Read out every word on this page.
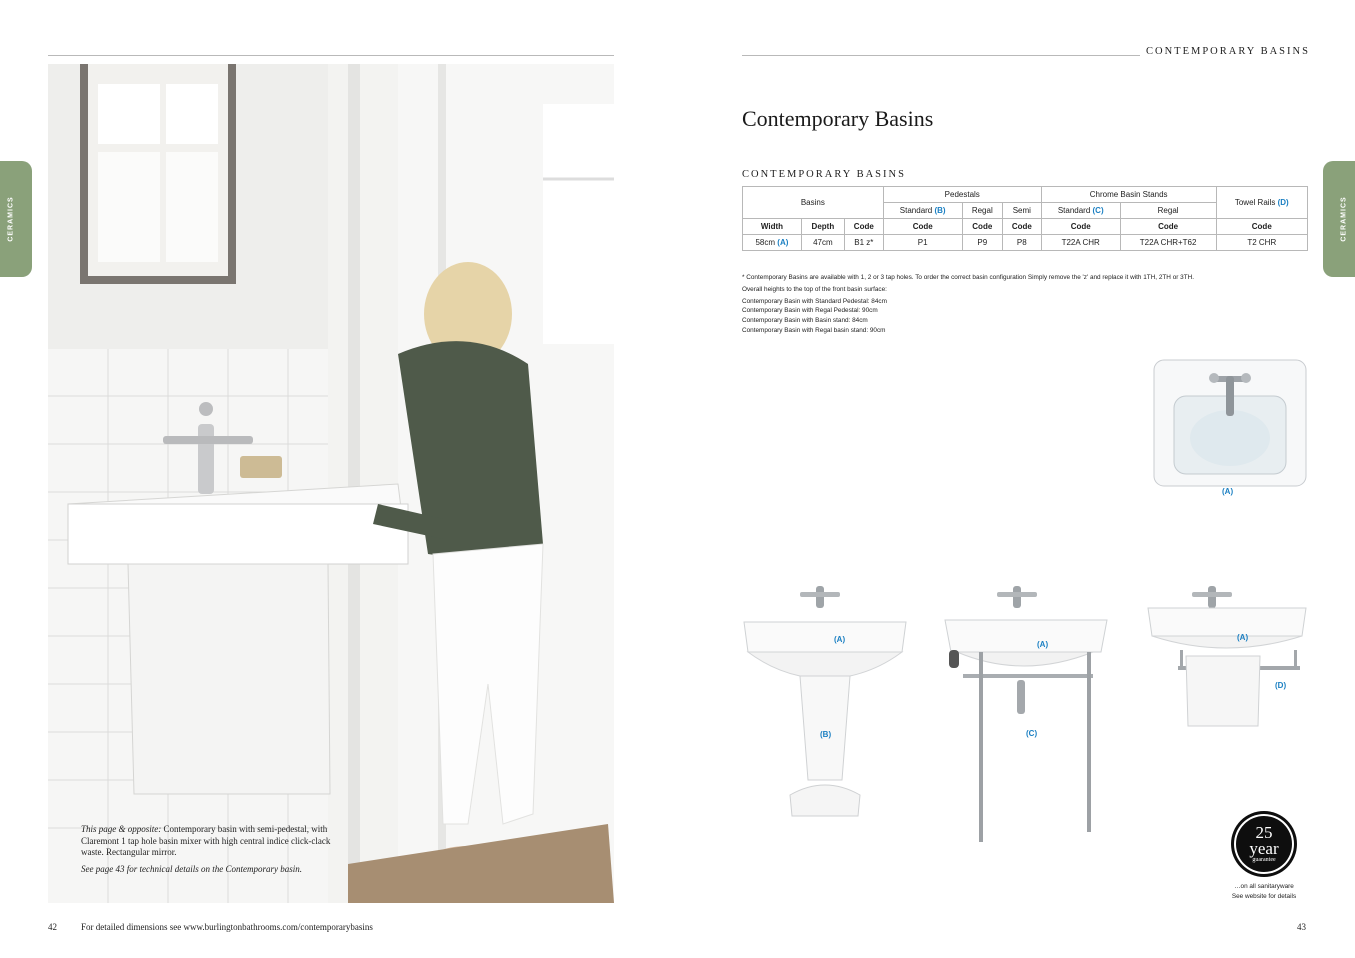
CONTEMPORARY BASINS
CERAMICS	CERAMICS
This page & opposite: Contemporary basin with semi-pedestal, with Claremont 1 tap hole basin mixer with high central indice click-clack waste. Rectangular mirror.
See page 43 for technical details on the Contemporary basin.
Contemporary Basins
CONTEMPORARY BASINS
Basins			Pedestals			Chrome Basin Stands		Towel Rails (D)
			Standard (B)	Regal	Semi	Standard (C)	Regal	
Width	Depth	Code	Code	Code	Code	Code	Code	Code
58cm (A)	47cm	B1 z*	P1	P9	P8	T22A CHR	T22A CHR+T62	T2 CHR
* Contemporary Basins are available with 1, 2 or 3 tap holes. To order the correct basin configuration Simply remove the 'z' and replace it with 1TH, 2TH or 3TH.
Overall heights to the top of the front basin surface:
Contemporary Basin with Standard Pedestal: 84cm
Contemporary Basin with Regal Pedestal: 90cm
Contemporary Basin with Basin stand: 84cm
Contemporary Basin with Regal basin stand: 90cm
(A)
(A)
(B)
(A)
(C)
(A)
(D)
25
year
guarantee
…on all sanitaryware
See website for details
42	For detailed dimensions see www.burlingtonbathrooms.com/contemporarybasins	43
